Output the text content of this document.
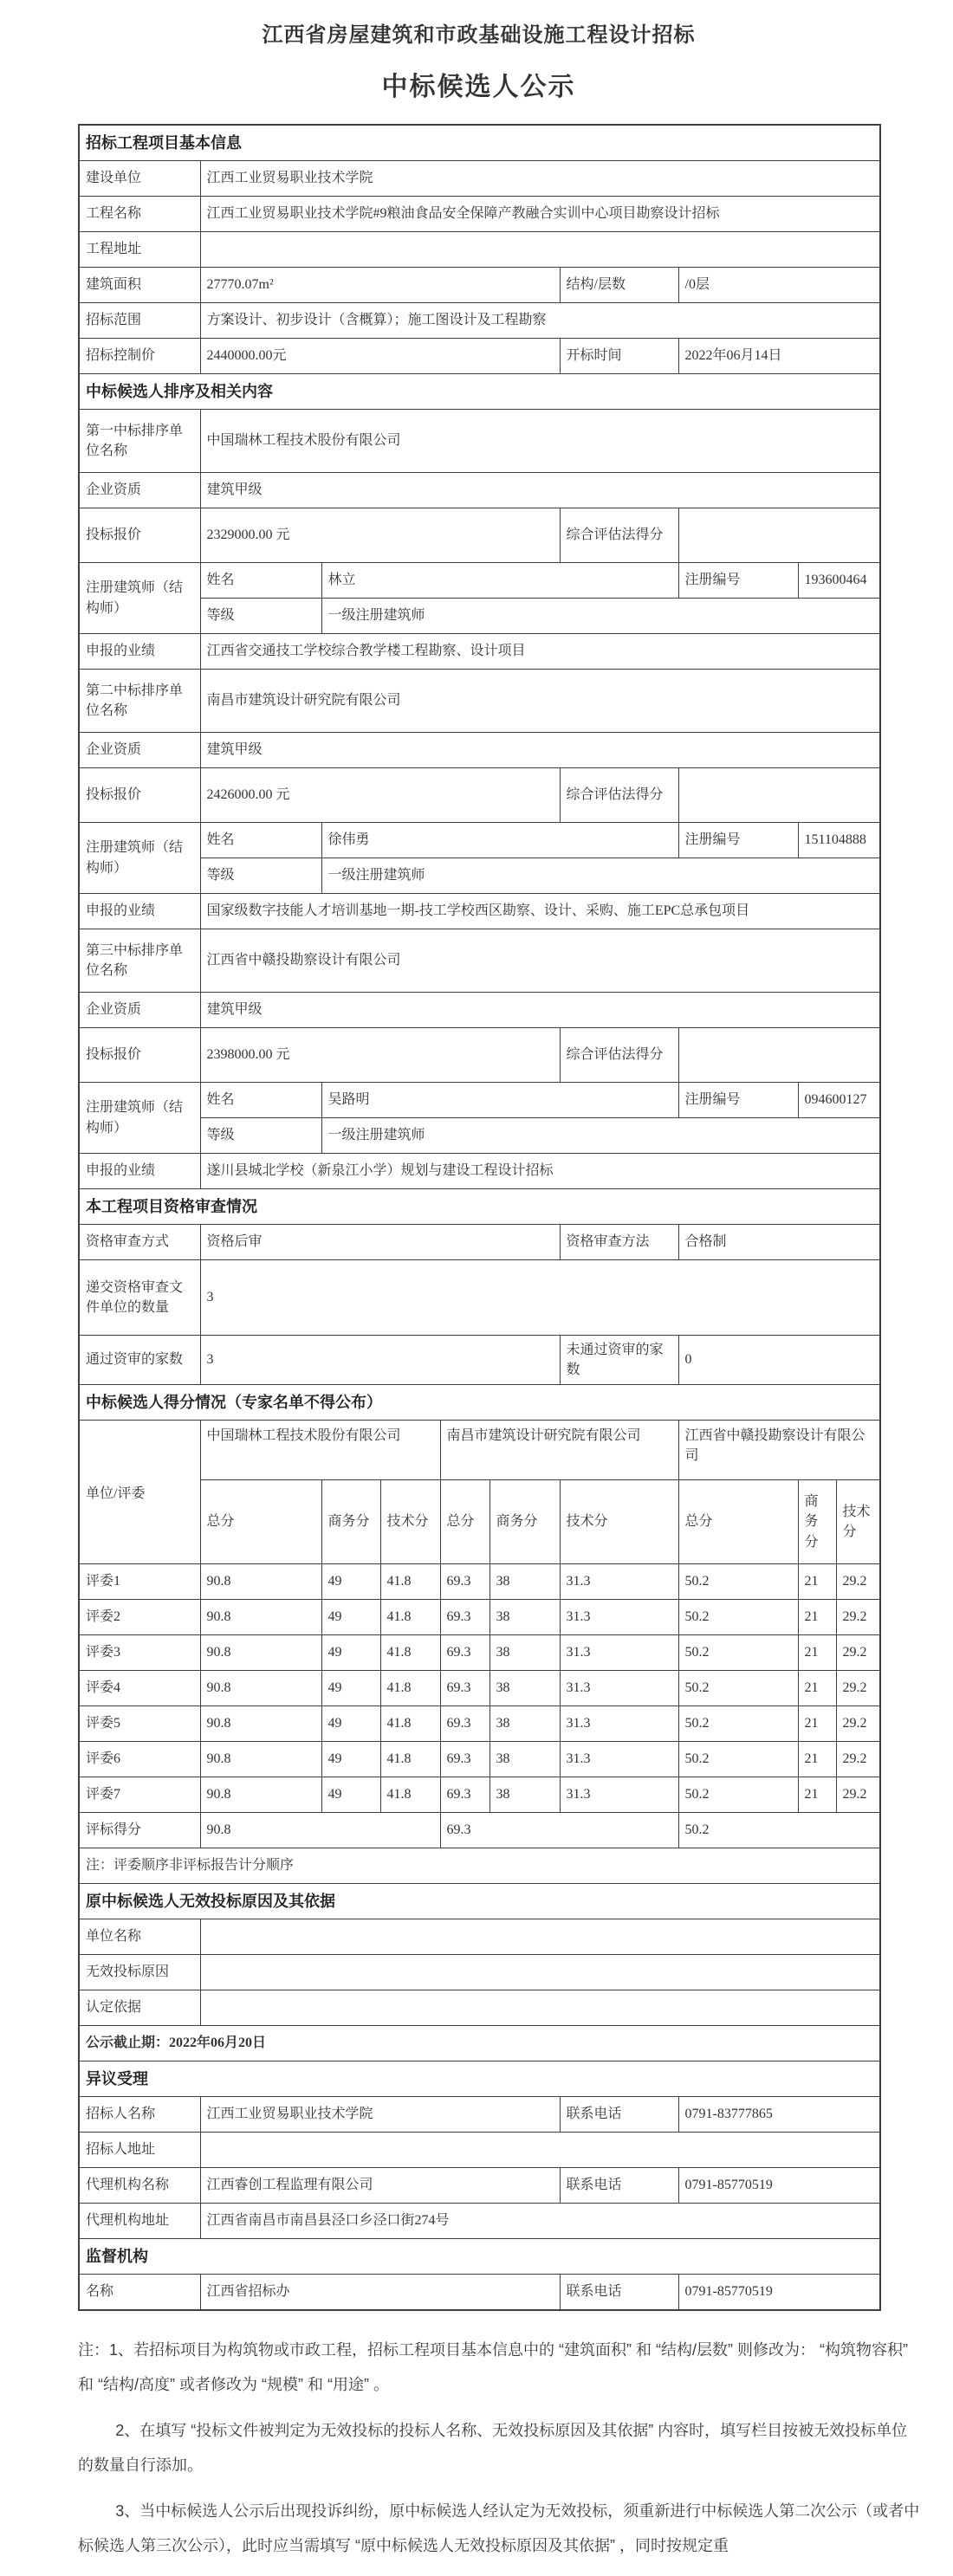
江西省房屋建筑和市政基础设施工程设计招标
中标候选人公示
招标工程项目基本信息									
建设单位	江西工业贸易职业技术学院								
工程名称	江西工业贸易职业技术学院#9粮油食品安全保障产教融合实训中心项目勘察设计招标								
工程地址									
建筑面积	27770.07m²					结构/层数	/0层		
招标范围	方案设计、初步设计（含概算）；施工图设计及工程勘察								
招标控制价	2440000.00元					开标时间	2022年06月14日		
中标候选人排序及相关内容									
第一中标排序单位名称	中国瑞林工程技术股份有限公司								
企业资质	建筑甲级								
投标报价	2329000.00 元					综合评估法得分			
注册建筑师（结构师）	姓名	林立					注册编号	193600464	
	等级	一级注册建筑师							
申报的业绩	江西省交通技工学校综合教学楼工程勘察、设计项目								
第二中标排序单位名称	南昌市建筑设计研究院有限公司								
企业资质	建筑甲级								
投标报价	2426000.00 元					综合评估法得分			
注册建筑师（结构师）	姓名	徐伟勇					注册编号	151104888	
	等级	一级注册建筑师							
申报的业绩	国家级数字技能人才培训基地一期-技工学校西区勘察、设计、采购、施工EPC总承包项目								
第三中标排序单位名称	江西省中赣投勘察设计有限公司								
企业资质	建筑甲级								
投标报价	2398000.00 元					综合评估法得分			
注册建筑师（结构师）	姓名	吴路明					注册编号	094600127	
	等级	一级注册建筑师							
申报的业绩	遂川县城北学校（新泉江小学）规划与建设工程设计招标								
本工程项目资格审查情况									
资格审查方式	资格后审					资格审查方法	合格制		
递交资格审查文件单位的数量	3								
通过资审的家数	3					未通过资审的家数	0		
中标候选人得分情况（专家名单不得公布）									
单位/评委	中国瑞林工程技术股份有限公司			南昌市建筑设计研究院有限公司			江西省中赣投勘察设计有限公司		
	总分	商务分	技术分	总分	商务分	技术分	总分	商务分	技术分
评委1	90.8	49	41.8	69.3	38	31.3	50.2	21	29.2
评委2	90.8	49	41.8	69.3	38	31.3	50.2	21	29.2
评委3	90.8	49	41.8	69.3	38	31.3	50.2	21	29.2
评委4	90.8	49	41.8	69.3	38	31.3	50.2	21	29.2
评委5	90.8	49	41.8	69.3	38	31.3	50.2	21	29.2
评委6	90.8	49	41.8	69.3	38	31.3	50.2	21	29.2
评委7	90.8	49	41.8	69.3	38	31.3	50.2	21	29.2
评标得分	90.8			69.3			50.2		
注：评委顺序非评标报告计分顺序									
原中标候选人无效投标原因及其依据									
单位名称									
无效投标原因									
认定依据									
公示截止期：2022年06月20日									
异议受理									
招标人名称	江西工业贸易职业技术学院					联系电话	0791-83777865		
招标人地址									
代理机构名称	江西睿创工程监理有限公司					联系电话	0791-85770519		
代理机构地址	江西省南昌市南昌县泾口乡泾口街274号								
监督机构									
名称	江西省招标办					联系电话	0791-85770519		

注：1、若招标项目为构筑物或市政工程，招标工程项目基本信息中的 “建筑面积” 和 “结构/层数” 则修改为： “构筑物容积” 和 “结构/高度” 或者修改为 “规模” 和 “用途” 。

2、在填写 “投标文件被判定为无效投标的投标人名称、无效投标原因及其依据” 内容时，填写栏目按被无效投标单位的数量自行添加。

3、当中标候选人公示后出现投诉纠纷，原中标候选人经认定为无效投标，须重新进行中标候选人第二次公示（或者中标候选人第三次公示），此时应当需填写 “原中标候选人无效投标原因及其依据” ，同时按规定重
